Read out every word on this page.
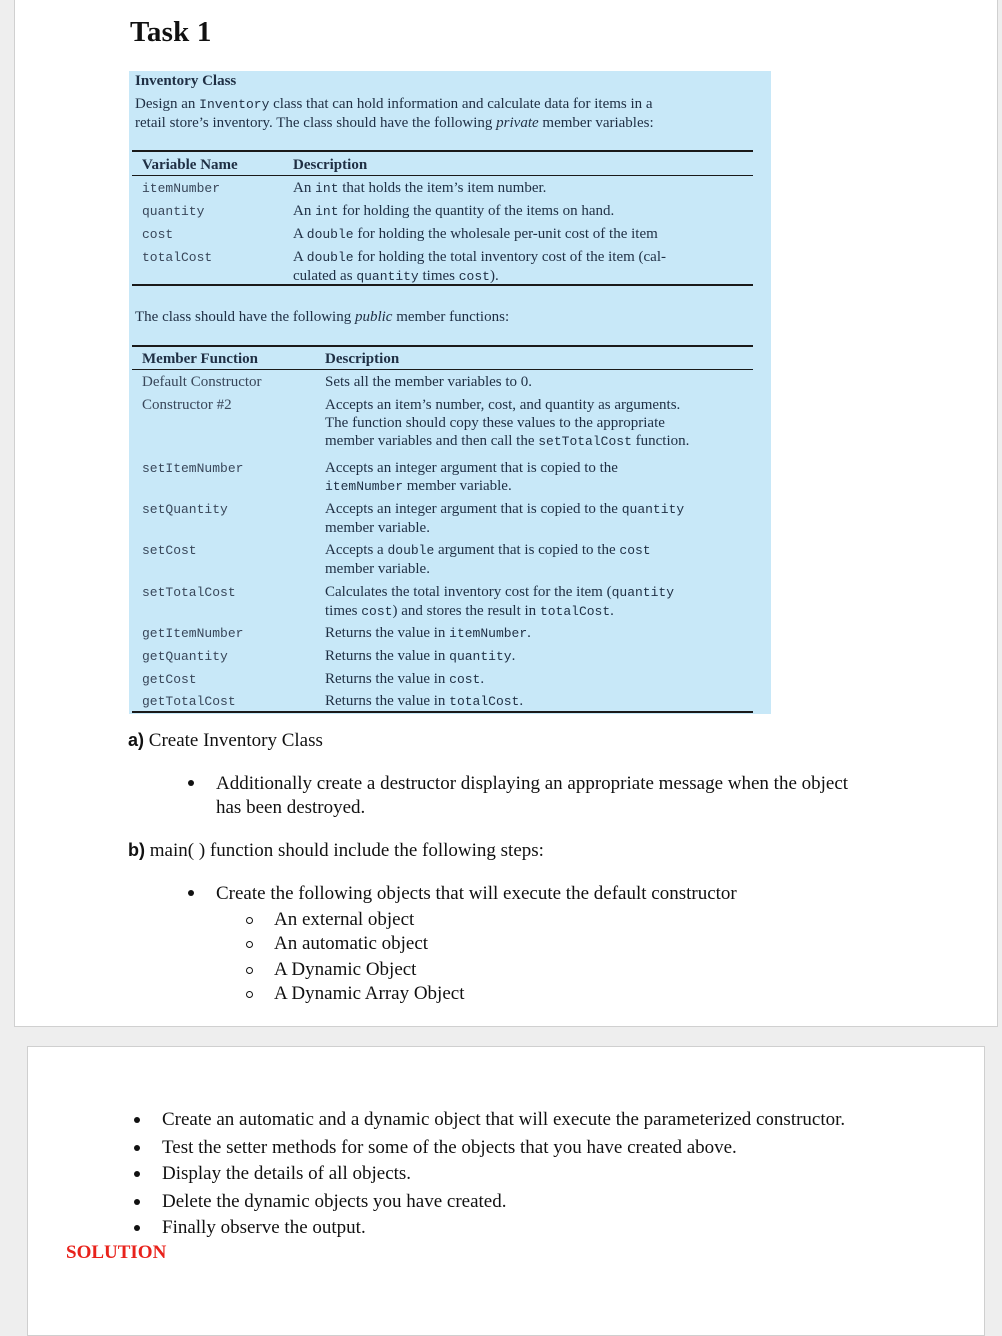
Task 1
Inventory Class
Design an Inventory class that can hold information and calculate data for items in a
retail store’s inventory. The class should have the following private member variables:
Variable Name	Description
The class should have the following public member functions:
Member Function	Description
itemNumber	An int that holds the item’s item number.
quantity	An int for holding the quantity of the items on hand.
cost	A double for holding the wholesale per-unit cost of the item
totalCost	A double for holding the total inventory cost of the item (cal-
culated as quantity times cost).
Default Constructor	Sets all the member variables to 0.
Constructor #2	Accepts an item’s number, cost, and quantity as arguments.
The function should copy these values to the appropriate
member variables and then call the setTotalCost function.
setItemNumber	Accepts an integer argument that is copied to the
itemNumber member variable.
setQuantity	Accepts an integer argument that is copied to the quantity
member variable.
setCost	Accepts a double argument that is copied to the cost
member variable.
setTotalCost	Calculates the total inventory cost for the item (quantity
times cost) and stores the result in totalCost.
getItemNumber	Returns the value in itemNumber.
getQuantity	Returns the value in quantity.
getCost	Returns the value in cost.
getTotalCost	Returns the value in totalCost.
a) Create Inventory Class
Additionally create a destructor displaying an appropriate message when the object has been destroyed.
b) main( ) function should include the following steps:
Create the following objects that will execute the default constructor
An external object
An automatic object
A Dynamic Object
A Dynamic Array Object
Create an automatic and a dynamic object that will execute the parameterized constructor.
Test the setter methods for some of the objects that you have created above.
Display the details of all objects.
Delete the dynamic objects you have created.
Finally observe the output.
SOLUTION
